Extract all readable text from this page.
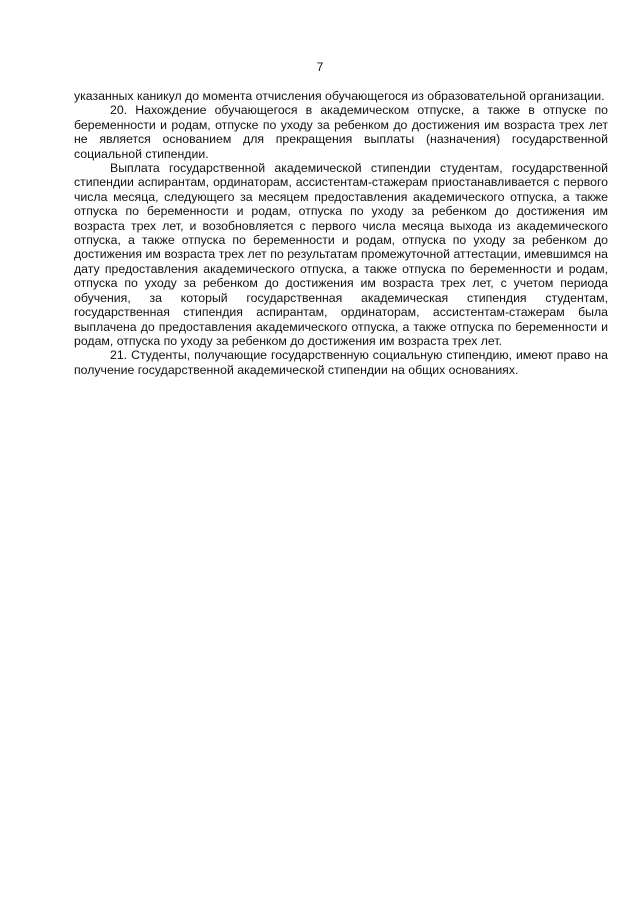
7

указанных каникул до момента отчисления обучающегося из образовательной организации.

20. Нахождение обучающегося в академическом отпуске, а также в отпуске по беременности и родам, отпуске по уходу за ребенком до достижения им возраста трех лет не является основанием для прекращения выплаты (назначения) государственной социальной стипендии.

Выплата государственной академической стипендии студентам, государственной стипендии аспирантам, ординаторам, ассистентам-стажерам приостанавливается с первого числа месяца, следующего за месяцем предоставления академического отпуска, а также отпуска по беременности и родам, отпуска по уходу за ребенком до достижения им возраста трех лет, и возобновляется с первого числа месяца выхода из академического отпуска, а также отпуска по беременности и родам, отпуска по уходу за ребенком до достижения им возраста трех лет по результатам промежуточной аттестации, имевшимся на дату предоставления академического отпуска, а также отпуска по беременности и родам, отпуска по уходу за ребенком до достижения им возраста трех лет, с учетом периода обучения, за который государственная академическая стипендия студентам, государственная стипендия аспирантам, ординаторам, ассистентам-стажерам была выплачена до предоставления академического отпуска, а также отпуска по беременности и родам, отпуска по уходу за ребенком до достижения им возраста трех лет.

21. Студенты, получающие государственную социальную стипендию, имеют право на получение государственной академической стипендии на общих основаниях.
